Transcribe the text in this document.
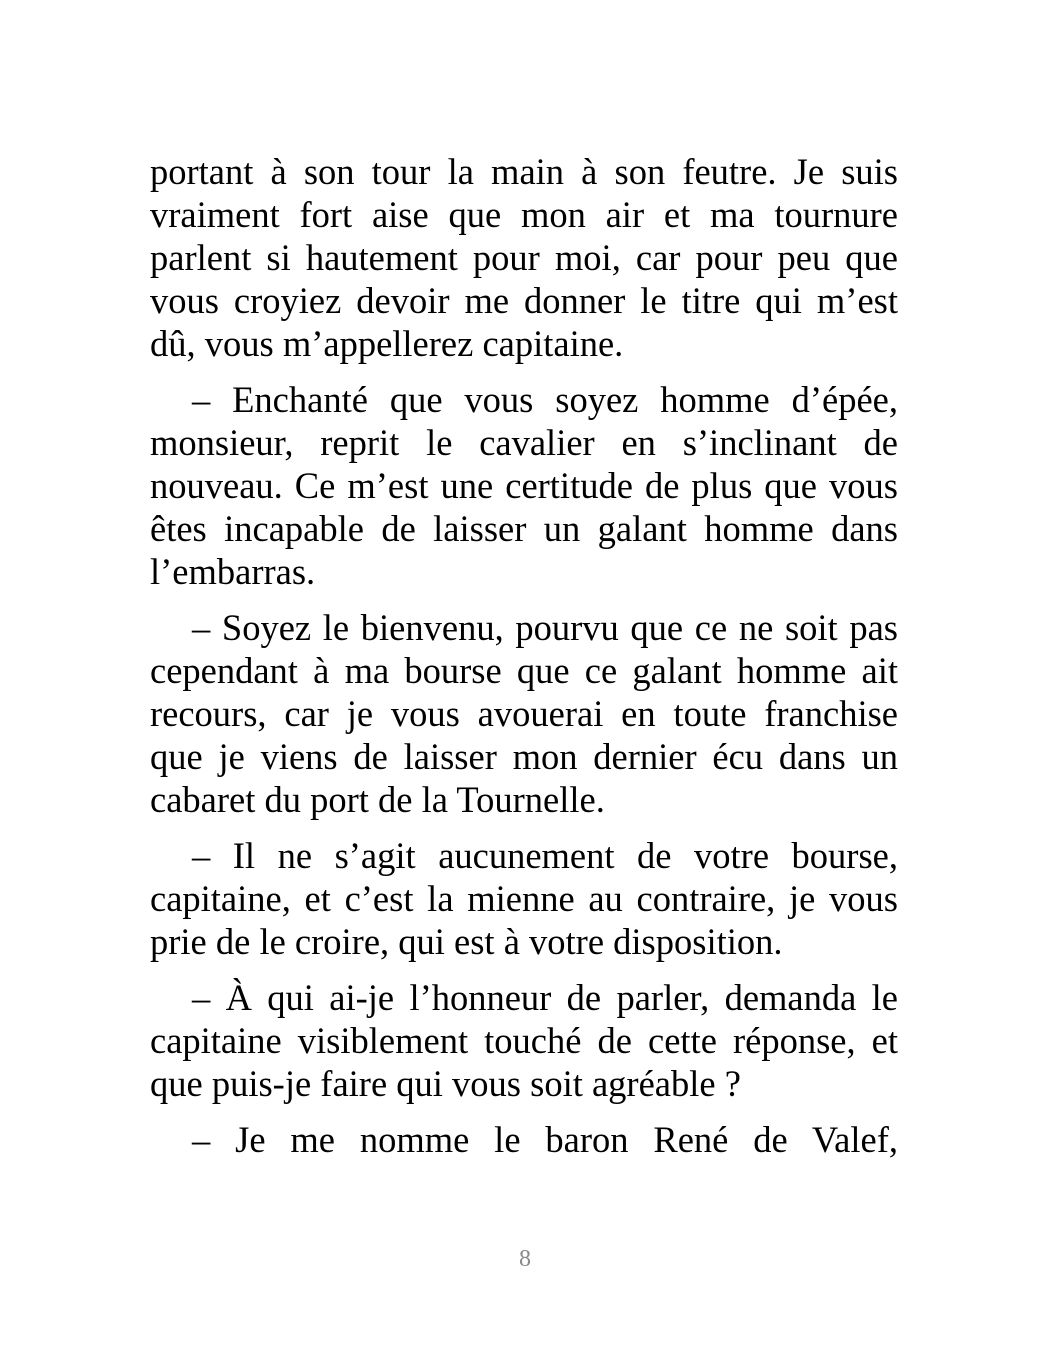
portant à son tour la main à son feutre. Je suis vraiment fort aise que mon air et ma tournure parlent si hautement pour moi, car pour peu que vous croyiez devoir me donner le titre qui m’est dû, vous m’appellerez capitaine.

– Enchanté que vous soyez homme d’épée, monsieur, reprit le cavalier en s’inclinant de nouveau. Ce m’est une certitude de plus que vous êtes incapable de laisser un galant homme dans l’embarras.

– Soyez le bienvenu, pourvu que ce ne soit pas cependant à ma bourse que ce galant homme ait recours, car je vous avouerai en toute franchise que je viens de laisser mon dernier écu dans un cabaret du port de la Tournelle.

– Il ne s’agit aucunement de votre bourse, capitaine, et c’est la mienne au contraire, je vous prie de le croire, qui est à votre disposition.

– À qui ai-je l’honneur de parler, demanda le capitaine visiblement touché de cette réponse, et que puis-je faire qui vous soit agréable ?

– Je me nomme le baron René de Valef,

8
